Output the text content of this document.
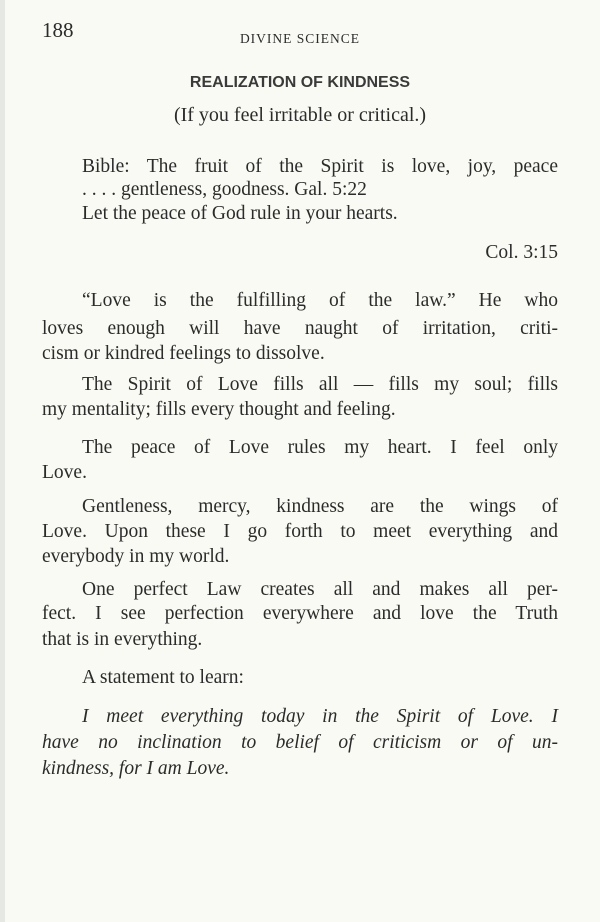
188	DIVINE SCIENCE
REALIZATION OF KINDNESS
(If you feel irritable or critical.)
Bible: The fruit of the Spirit is love, joy, peace
. . . . gentleness, goodness. Gal. 5:22
Let the peace of God rule in your hearts.
Col. 3:15
“Love is the fulfilling of the law.” He who
loves enough will have naught of irritation, criti-
cism or kindred feelings to dissolve.
The Spirit of Love fills all — fills my soul; fills
my mentality; fills every thought and feeling.
The peace of Love rules my heart. I feel only
Love.
Gentleness, mercy, kindness are the wings of
Love. Upon these I go forth to meet everything and
everybody in my world.
One perfect Law creates all and makes all per-
fect. I see perfection everywhere and love the Truth
that is in everything.
A statement to learn:
I meet everything today in the Spirit of Love. I
have no inclination to belief of criticism or of un-
kindness, for I am Love.
